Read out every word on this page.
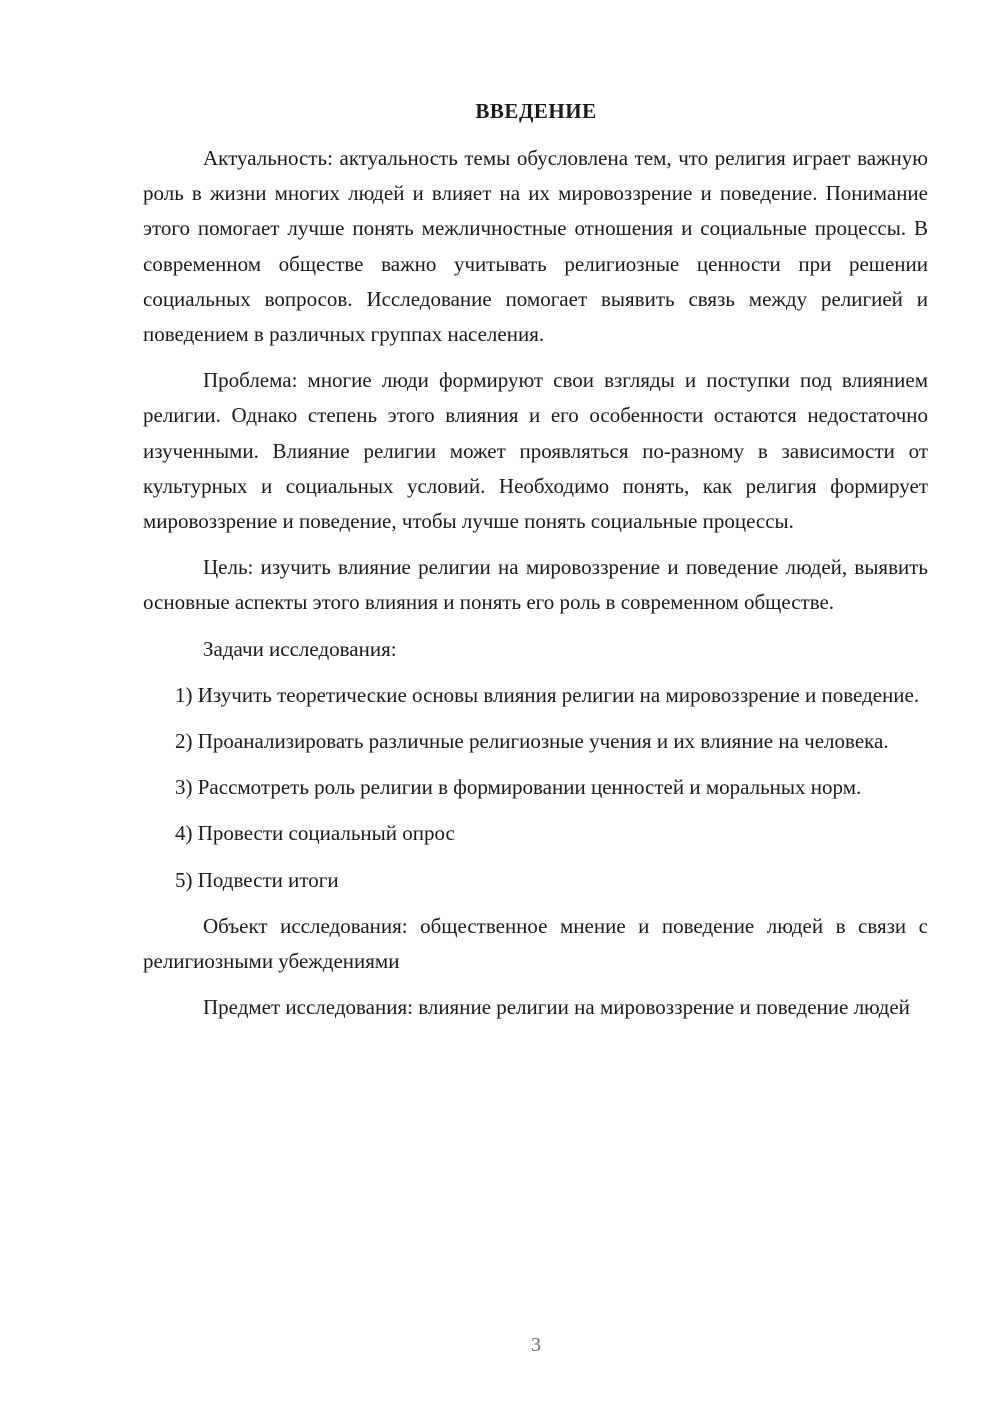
ВВЕДЕНИЕ

Актуальность: актуальность темы обусловлена тем, что религия играет важную роль в жизни многих людей и влияет на их мировоззрение и поведение. Понимание этого помогает лучше понять межличностные отношения и социальные процессы. В современном обществе важно учитывать религиозные ценности при решении социальных вопросов. Исследование помогает выявить связь между религией и поведением в различных группах населения.

Проблема: многие люди формируют свои взгляды и поступки под влиянием религии. Однако степень этого влияния и его особенности остаются недостаточно изученными. Влияние религии может проявляться по-разному в зависимости от культурных и социальных условий. Необходимо понять, как религия формирует мировоззрение и поведение, чтобы лучше понять социальные процессы.

Цель: изучить влияние религии на мировоззрение и поведение людей, выявить основные аспекты этого влияния и понять его роль в современном обществе.

Задачи исследования:

1) Изучить теоретические основы влияния религии на мировоззрение и поведение.

2) Проанализировать различные религиозные учения и их влияние на человека.

3) Рассмотреть роль религии в формировании ценностей и моральных норм.

4) Провести социальный опрос

5) Подвести итоги

Объект исследования: общественное мнение и поведение людей в связи с религиозными убеждениями

Предмет исследования: влияние религии на мировоззрение и поведение людей

3
